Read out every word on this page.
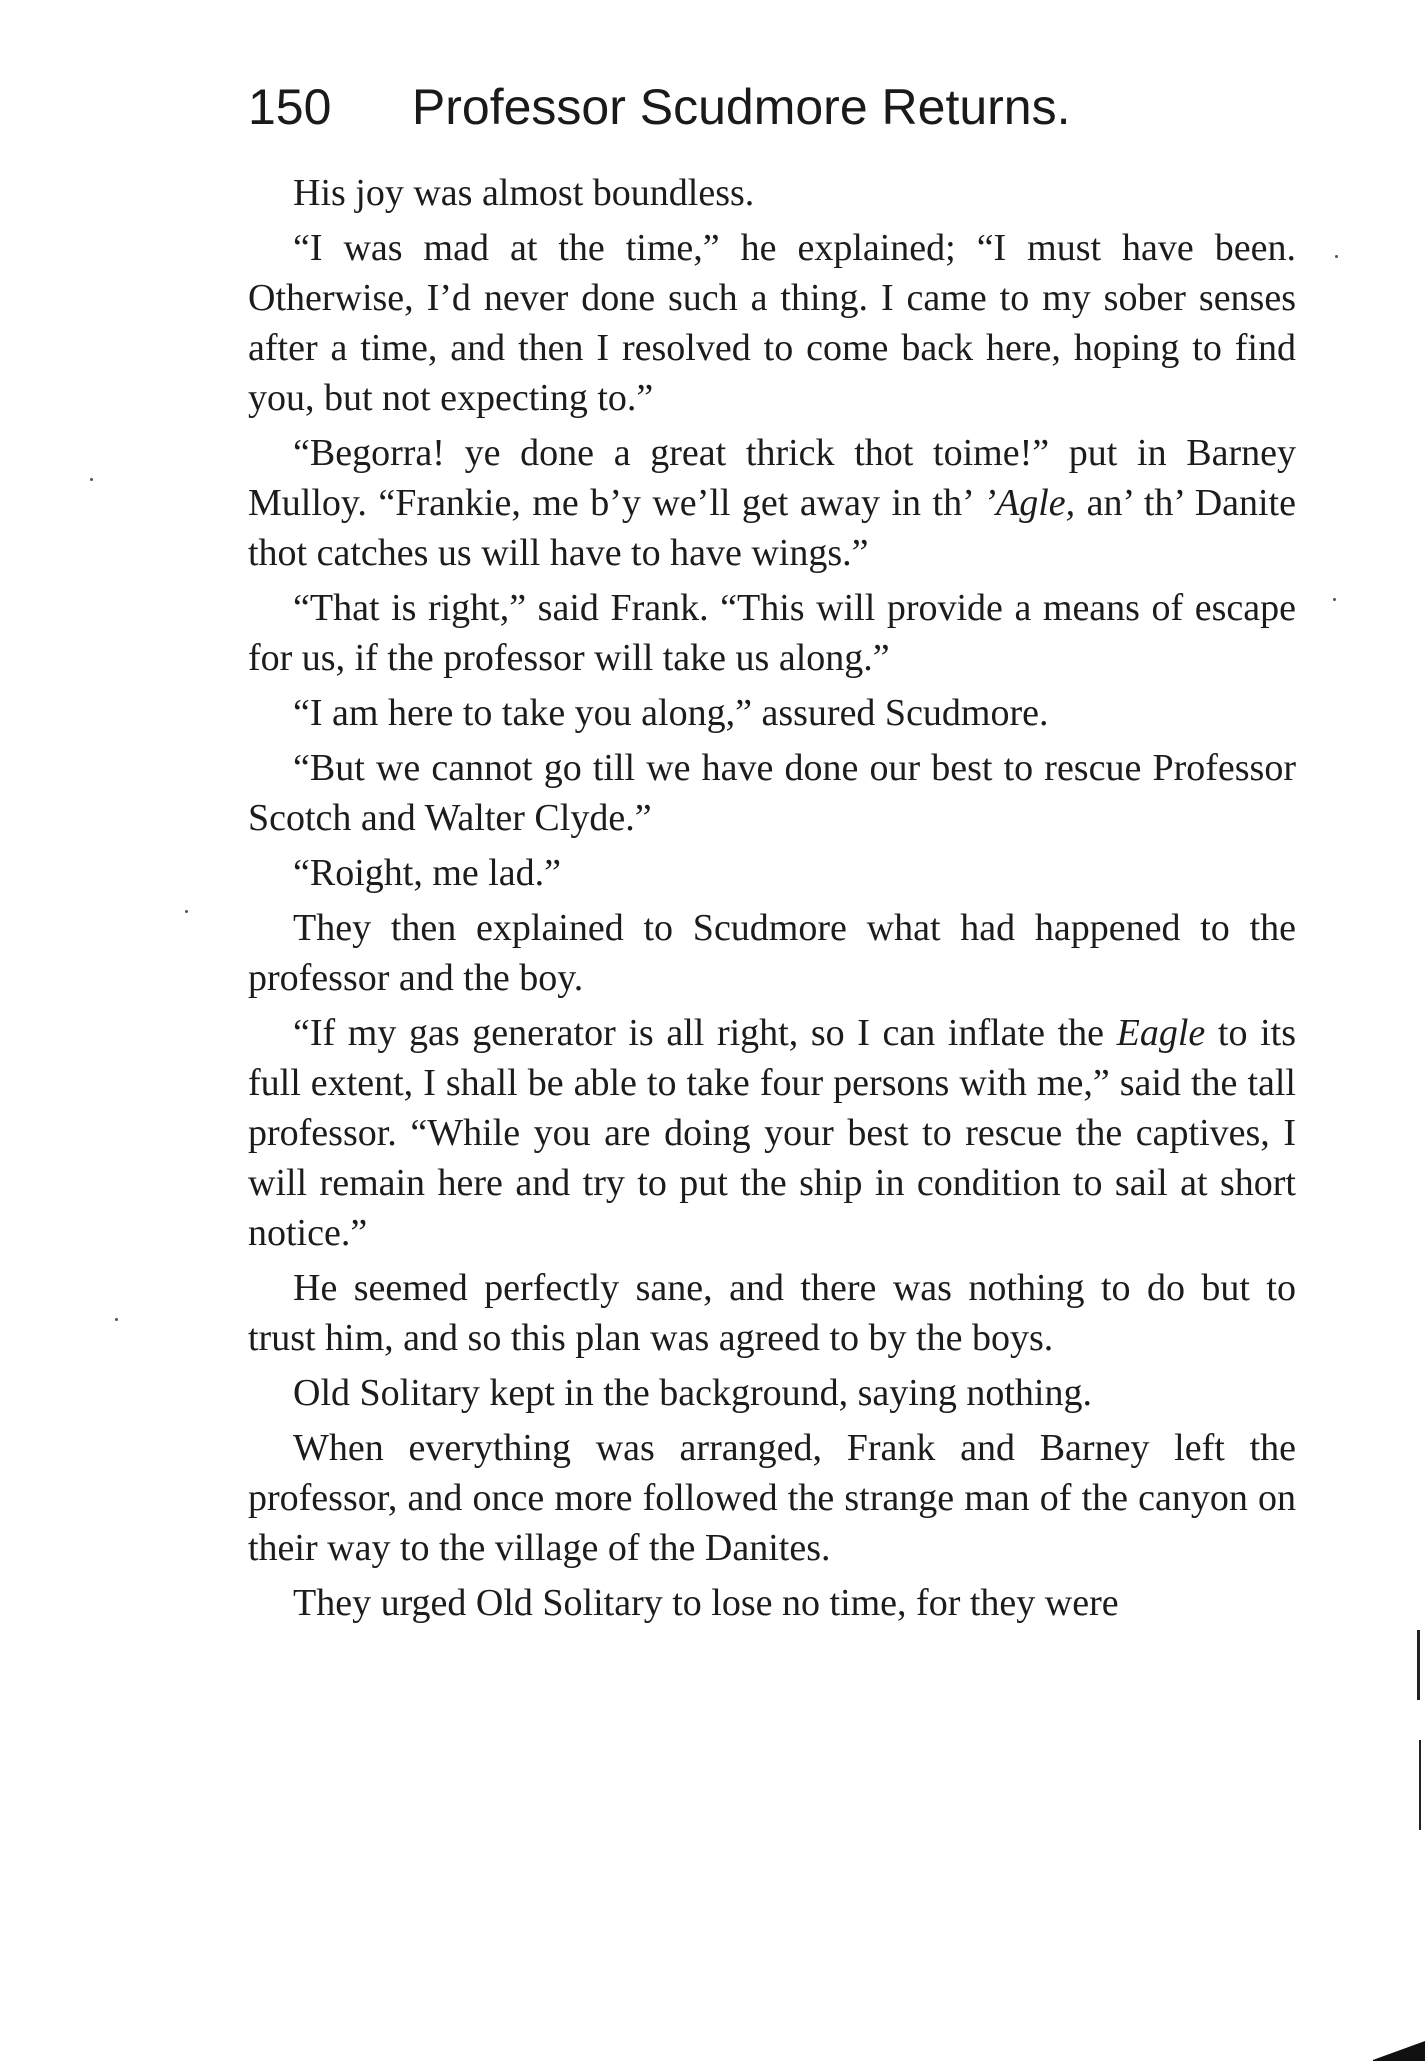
150 Professor Scudmore Returns.

His joy was almost boundless.

“I was mad at the time,” he explained; “I must have been. Otherwise, I’d never done such a thing. I came to my sober senses after a time, and then I resolved to come back here, hoping to find you, but not expecting to.”

“Begorra! ye done a great thrick thot toime!” put in Barney Mulloy. “Frankie, me b’y we’ll get away in th’ ’Agle, an’ th’ Danite thot catches us will have to have wings.”

“That is right,” said Frank. “This will provide a means of escape for us, if the professor will take us along.”

“I am here to take you along,” assured Scudmore.

“But we cannot go till we have done our best to rescue Professor Scotch and Walter Clyde.”

“Roight, me lad.”

They then explained to Scudmore what had happened to the professor and the boy.

“If my gas generator is all right, so I can inflate the Eagle to its full extent, I shall be able to take four persons with me,” said the tall professor. “While you are doing your best to rescue the captives, I will remain here and try to put the ship in condition to sail at short notice.”

He seemed perfectly sane, and there was nothing to do but to trust him, and so this plan was agreed to by the boys.

Old Solitary kept in the background, saying nothing.

When everything was arranged, Frank and Barney left the professor, and once more followed the strange man of the canyon on their way to the village of the Danites.

They urged Old Solitary to lose no time, for they were
